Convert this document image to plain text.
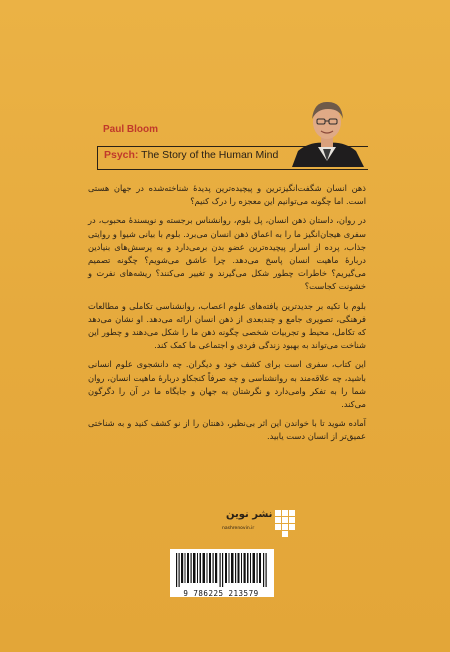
Paul Bloom
Psych: The Story of the Human Mind

ذهن انسان شگفت‌انگیزترین و پیچیده‌ترین پدیدهٔ شناخته‌شده در جهان هستی است. اما چگونه می‌توانیم این معجزه را درک کنیم؟

در روان، داستان ذهن انسان، پل بلوم، روانشناس برجسته و نویسندهٔ محبوب، در سفری هیجان‌انگیز ما را به اعماق ذهن انسان می‌برد. بلوم با بیانی شیوا و روایتی جذاب، پرده از اسرار پیچیده‌ترین عضو بدن برمی‌دارد و به پرسش‌های بنیادین دربارهٔ ماهیت انسان پاسخ می‌دهد. چرا عاشق می‌شویم؟ چگونه تصمیم می‌گیریم؟ خاطرات چطور شکل می‌گیرند و تغییر می‌کنند؟ ریشه‌های نفرت و خشونت کجاست؟

بلوم با تکیه بر جدیدترین یافته‌های علوم اعصاب، روانشناسی تکاملی و مطالعات فرهنگی، تصویری جامع و چندبعدی از ذهن انسان ارائه می‌دهد. او نشان می‌دهد که تکامل، محیط و تجربیات شخصی چگونه ذهن ما را شکل می‌دهند و چطور این شناخت می‌تواند به بهبود زندگی فردی و اجتماعی ما کمک کند.

این کتاب، سفری است برای کشف خود و دیگران. چه دانشجوی علوم انسانی باشید، چه علاقه‌مند به روانشناسی و چه صرفاً کنجکاو دربارهٔ ماهیت انسان، روان شما را به تفکر وامی‌دارد و نگرشتان به جهان و جایگاه ما در آن را دگرگون می‌کند.

آماده شوید تا با خواندن این اثر بی‌نظیر، ذهنتان را از نو کشف کنید و به شناختی عمیق‌تر از انسان دست یابید.

نشر نوین
nashrenovin.ir
9 786225 213579
